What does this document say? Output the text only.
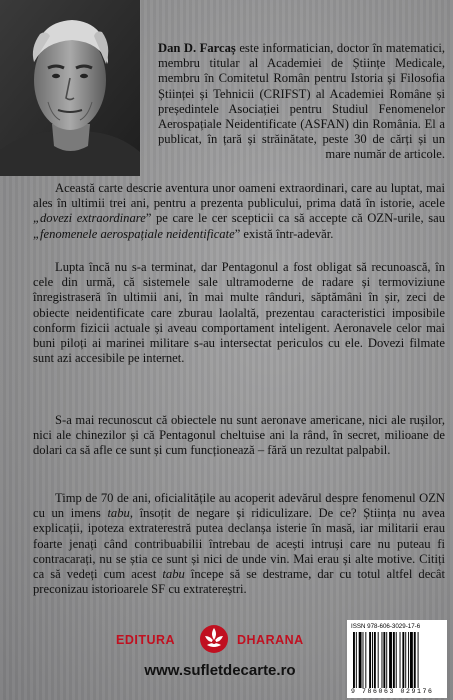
Dan D. Farcaș este informatician, doctor în matematici, membru titular al Academiei de Științe Medicale, membru în Comitetul Român pentru Istoria și Filosofia Științei și Tehnicii (CRIFST) al Academiei Române și președintele Asociației pentru Studiul Fenomenelor Aerospațiale Neidentificate (ASFAN) din România. El a publicat, în țară și străinătate, peste 30 de cărți și un mare număr de articole.

Această carte descrie aventura unor oameni extraordinari, care au luptat, mai ales în ultimii trei ani, pentru a prezenta publicului, prima dată în istorie, acele „dovezi extraordinare” pe care le cer scepticii ca să accepte că OZN-urile, sau „fenomenele aerospațiale neidentificate” există într-adevăr.

Lupta încă nu s-a terminat, dar Pentagonul a fost obligat să recunoască, în cele din urmă, că sistemele sale ultramoderne de radare și termoviziune înregistraseră în ultimii ani, în mai multe rânduri, săptămâni în șir, zeci de obiecte neidentificate care zburau laolaltă, prezentau caracteristici imposibile conform fizicii actuale și aveau comportament inteligent. Aeronavele celor mai buni piloți ai marinei militare s-au intersectat periculos cu ele. Dovezi filmate sunt azi accesibile pe internet.

S-a mai recunoscut că obiectele nu sunt aeronave americane, nici ale rușilor, nici ale chinezilor și că Pentagonul cheltuise ani la rând, în secret, milioane de dolari ca să afle ce sunt și cum funcționează – fără un rezultat palpabil.

Timp de 70 de ani, oficialitățile au acoperit adevărul despre fenomenul OZN cu un imens tabu, însoțit de negare și ridiculizare. De ce? Știința nu avea explicații, ipoteza extraterestră putea declanșa isterie în masă, iar militarii erau foarte jenați când contribuabilii întrebau de acești intruși care nu puteau fi contracarați, nu se știa ce sunt și nici de unde vin. Mai erau și alte motive. Citiți ca să vedeți cum acest tabu începe să se destrame, dar cu totul altfel decât preconizau istorioarele SF cu extratereștri.

EDITURA	DHARANA
www.sufletdecarte.ro
ISSN 978-606-3029-17-6
9 786063 029176
